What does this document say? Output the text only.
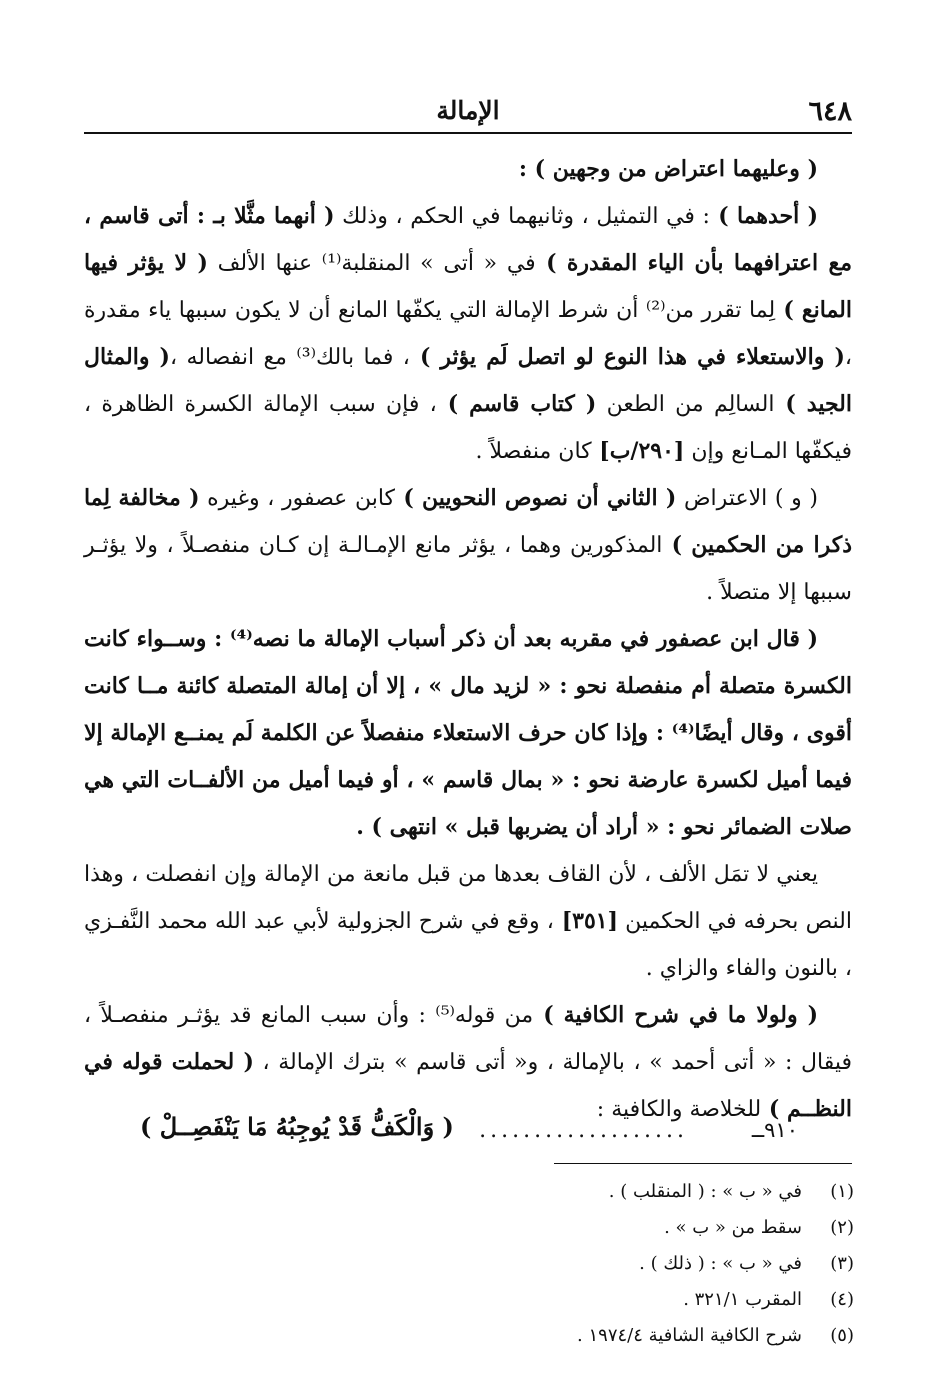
٦٤٨
الإمالة

( وعليهما اعتراض من وجهين ) :

( أحدهما ) : في التمثيل ، وثانيهما في الحكم ، وذلك ( أنهما مثَّلا بـ : أتى قاسم ، مع اعترافهما بأن الياء المقدرة ) في « أتى » المنقلبة⁽¹⁾ عنها الألف ( لا يؤثر فيها المانع ) لِما تقرر من⁽²⁾ أن شرط الإمالة التي يكفّها المانع أن لا يكون سببها ياء مقدرة ،( والاستعلاء في هذا النوع لو اتصل لَم يؤثر ) ، فما بالك⁽³⁾ مع انفصاله ،( والمثال الجيد ) السالِم من الطعن ( كتاب قاسم ) ، فإن سبب الإمالة الكسرة الظاهرة ، فيكفّها المـانع وإن [٢٩٠/ب] كان منفصلاً .

( و ) الاعتراض ( الثاني أن نصوص النحويين ) كابن عصفور ، وغيره ( مخالفة لِما ذكرا من الحكمين ) المذكورين وهما ، يؤثر مانع الإمـالـة إن كـان منفصـلاً ، ولا يؤثـر سببها إلا متصلاً .

( قال ابن عصفور في مقربه بعد أن ذكر أسباب الإمالة ما نصه⁽⁴⁾ : وســواء كانت الكسرة متصلة أم منفصلة نحو : « لزيد مال » ، إلا أن إمالة المتصلة كائنة مــا كانت أقوى ، وقال أيضًا⁽⁴⁾ : وإذا كان حرف الاستعلاء منفصلاً عن الكلمة لَم يمنــع الإمالة إلا فيما أميل لكسرة عارضة نحو : « بمال قاسم » ، أو فيما أميل من الألفــات التي هي صلات الضمائر نحو : « أراد أن يضربها قبل » انتهى ) .

يعني لا تمَل الألف ، لأن القاف بعدها من قبل مانعة من الإمالة وإن انفصلت ، وهذا النص بحرفه في الحكمين [٣٥١] ، وقع في شرح الجزولية لأبي عبد الله محمد النَّفـزي ، بالنون والفاء والزاي .

( ولولا ما في شرح الكافية ) من قوله⁽⁵⁾ : وأن سبب المانع قد يؤثـر منفصـلاً ، فيقال : « أتى أحمد » ، بالإمالة ، و« أتى قاسم » بترك الإمالة ، ( لحملت قوله في النظــم ) للخلاصة والكافية :

٩١٠ــ
...................
( وَالْكَفُّ قَدْ يُوجِبُهُ مَا يَنْفَصِــلْ )
(١)
في « ب » : ( المنقلب ) .
(٢)
سقط من « ب » .
(٣)
في « ب » : ( ذلك ) .
(٤)
المقرب ٣٢١/١ .
(٥)
شرح الكافية الشافية ١٩٧٤/٤ .
